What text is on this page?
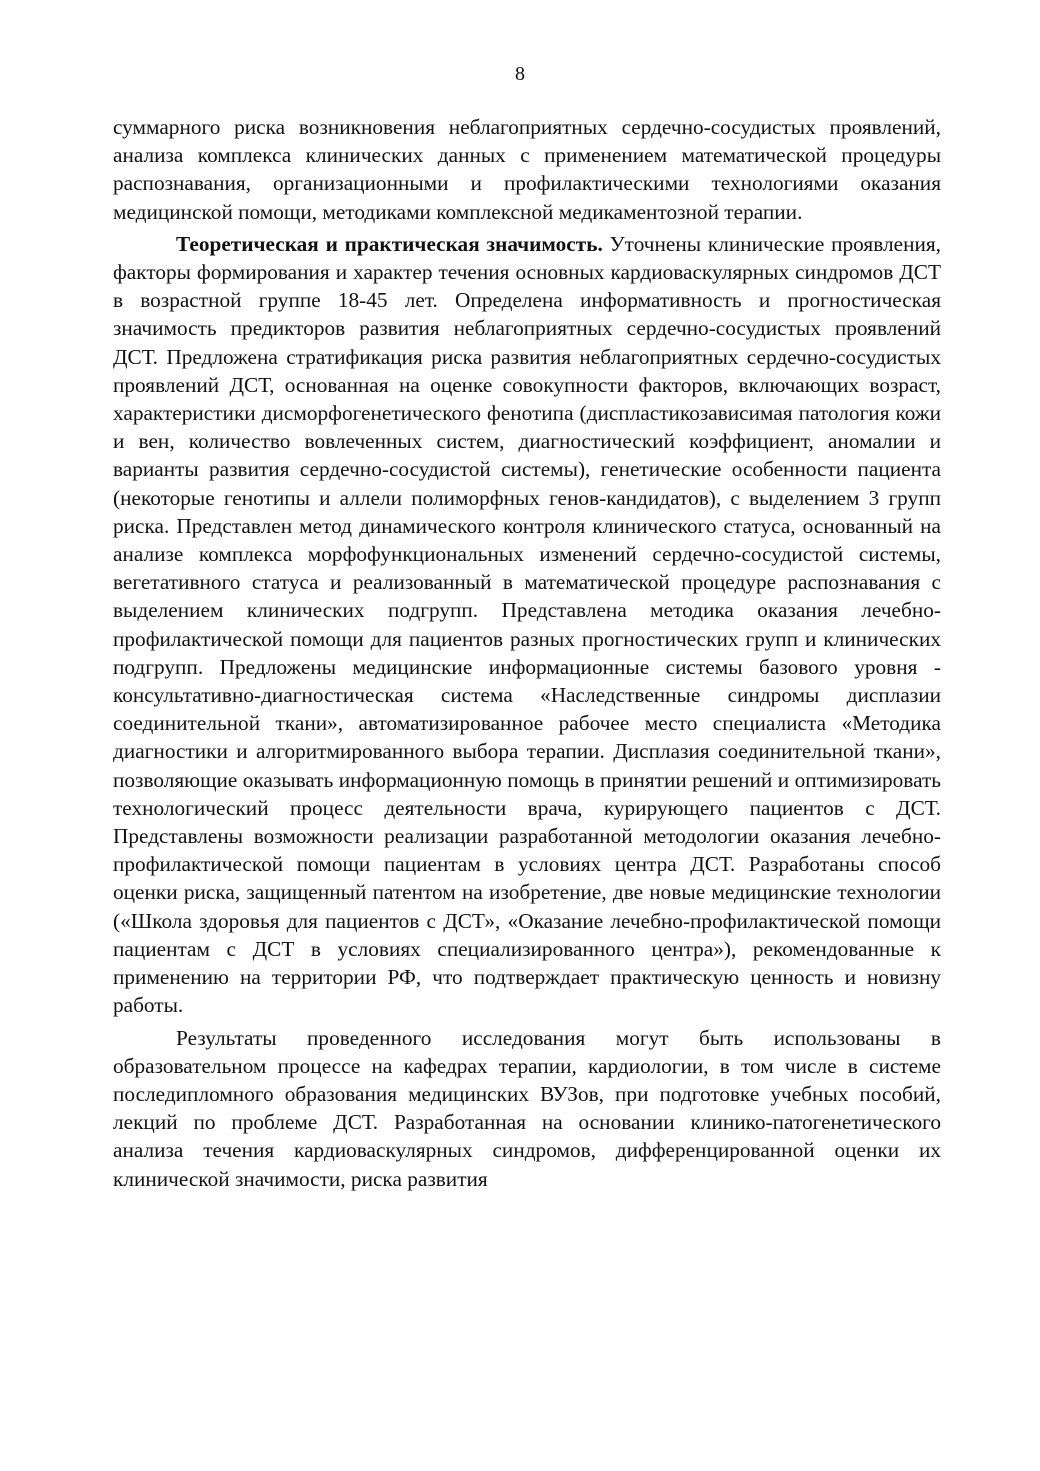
8

суммарного риска возникновения неблагоприятных сердечно-сосудистых проявлений, анализа комплекса клинических данных с применением математической процедуры распознавания, организационными и профилактическими технологиями оказания медицинской помощи, методиками комплексной медикаментозной терапии.

Теоретическая и практическая значимость. Уточнены клинические проявления, факторы формирования и характер течения основных кардиоваскулярных синдромов ДСТ в возрастной группе 18-45 лет. Определена информативность и прогностическая значимость предикторов развития неблагоприятных сердечно-сосудистых проявлений ДСТ. Предложена стратификация риска развития неблагоприятных сердечно-сосудистых проявлений ДСТ, основанная на оценке совокупности факторов, включающих возраст, характеристики дисморфогенетического фенотипа (диспластикозависимая патология кожи и вен, количество вовлеченных систем, диагностический коэффициент, аномалии и варианты развития сердечно-сосудистой системы), генетические особенности пациента (некоторые генотипы и аллели полиморфных генов-кандидатов), с выделением 3 групп риска. Представлен метод динамического контроля клинического статуса, основанный на анализе комплекса морфофункциональных изменений сердечно-сосудистой системы, вегетативного статуса и реализованный в математической процедуре распознавания с выделением клинических подгрупп. Представлена методика оказания лечебно-профилактической помощи для пациентов разных прогностических групп и клинических подгрупп. Предложены медицинские информационные системы базового уровня - консультативно-диагностическая система «Наследственные синдромы дисплазии соединительной ткани», автоматизированное рабочее место специалиста «Методика диагностики и алгоритмированного выбора терапии. Дисплазия соединительной ткани», позволяющие оказывать информационную помощь в принятии решений и оптимизировать технологический процесс деятельности врача, курирующего пациентов с ДСТ. Представлены возможности реализации разработанной методологии оказания лечебно-профилактической помощи пациентам в условиях центра ДСТ. Разработаны способ оценки риска, защищенный патентом на изобретение, две новые медицинские технологии («Школа здоровья для пациентов с ДСТ», «Оказание лечебно-профилактической помощи пациентам с ДСТ в условиях специализированного центра»), рекомендованные к применению на территории РФ, что подтверждает практическую ценность и новизну работы.

Результаты проведенного исследования могут быть использованы в образовательном процессе на кафедрах терапии, кардиологии, в том числе в системе последипломного образования медицинских ВУЗов, при подготовке учебных пособий, лекций по проблеме ДСТ. Разработанная на основании клинико-патогенетического анализа течения кардиоваскулярных синдромов, дифференцированной оценки их клинической значимости, риска развития
